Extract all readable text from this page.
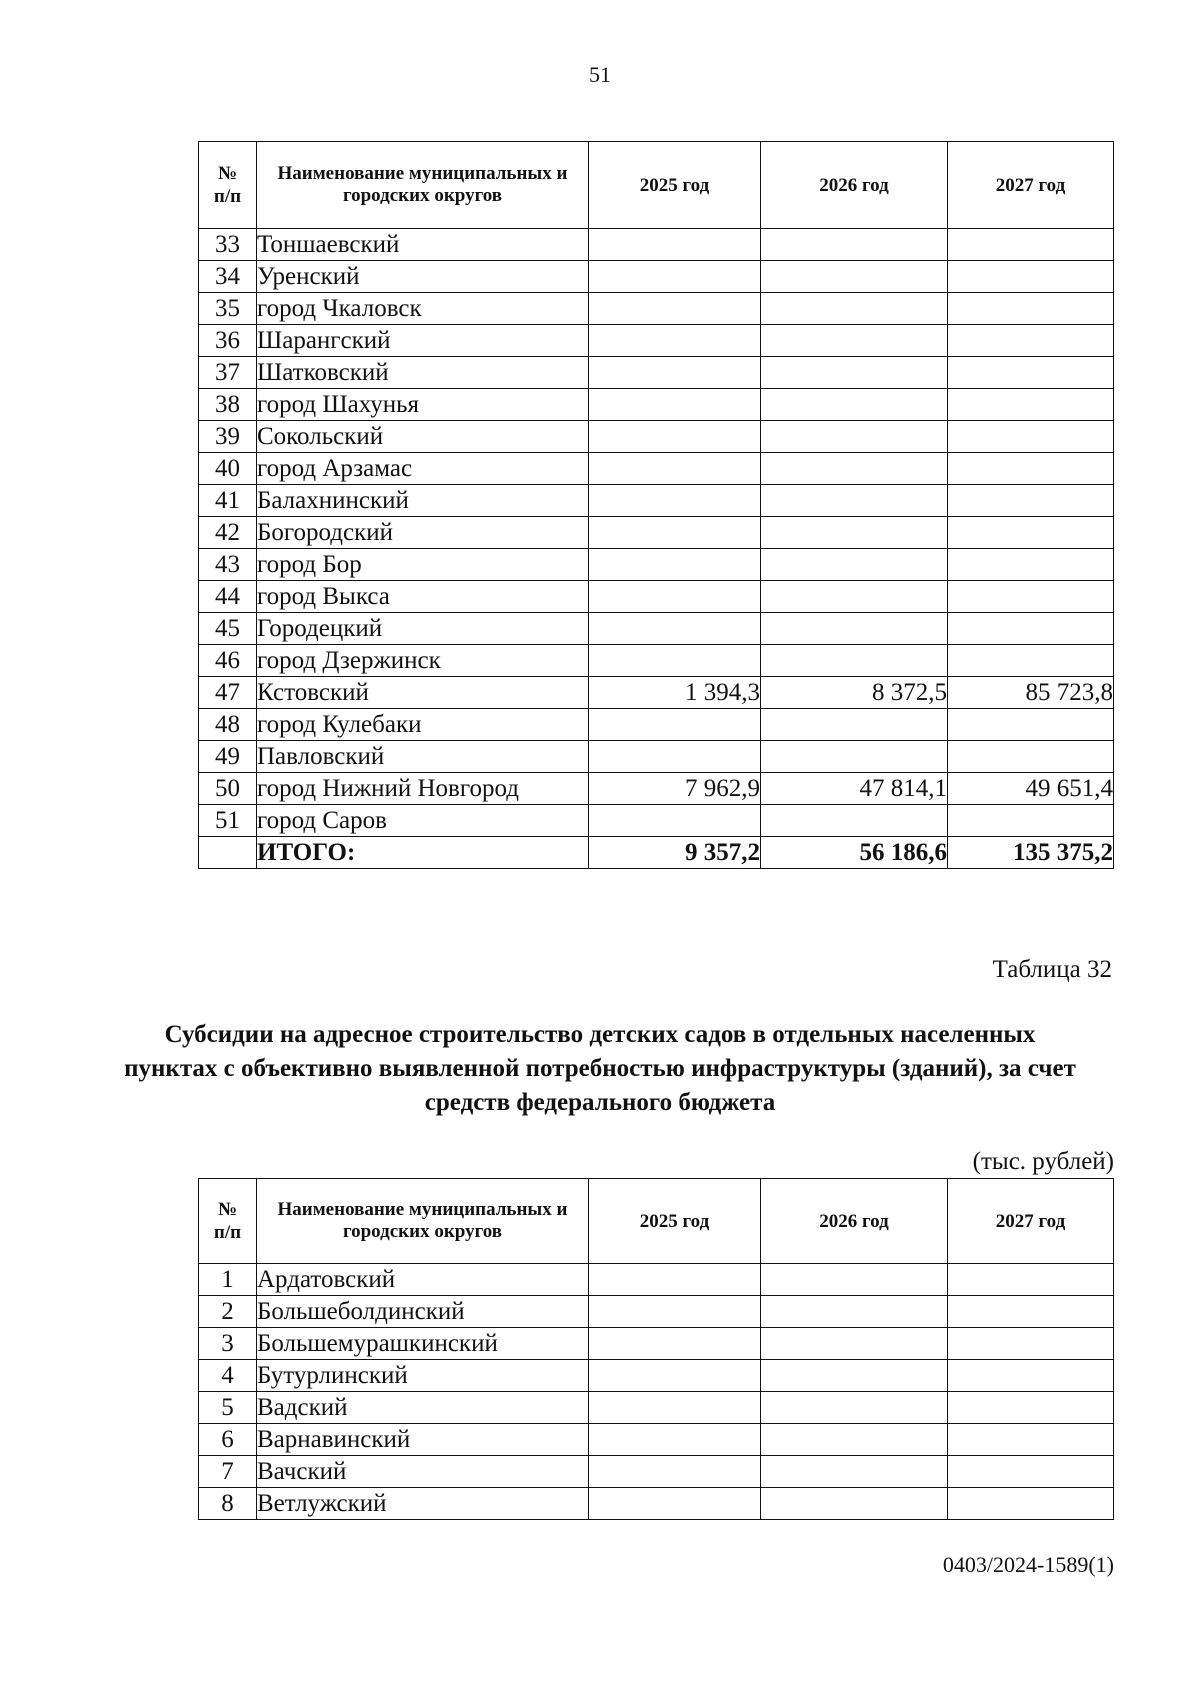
51
№
п/п	Наименование муниципальных и городских округов	2025 год	2026 год	2027 год
33	Тоншаевский			
34	Уренский			
35	город Чкаловск			
36	Шарангский			
37	Шатковский			
38	город Шахунья			
39	Сокольский			
40	город Арзамас			
41	Балахнинский			
42	Богородский			
43	город Бор			
44	город Выкса			
45	Городецкий			
46	город Дзержинск			
47	Кстовский	1 394,3	8 372,5	85 723,8
48	город Кулебаки			
49	Павловский			
50	город Нижний Новгород	7 962,9	47 814,1	49 651,4
51	город Саров			
	ИТОГО:	9 357,2	56 186,6	135 375,2
Таблица 32
Субсидии на адресное строительство детских садов в отдельных населенных пунктах с объективно выявленной потребностью инфраструктуры (зданий), за счет средств федерального бюджета
(тыс. рублей)
№
п/п	Наименование муниципальных и городских округов	2025 год	2026 год	2027 год
1	Ардатовский			
2	Большеболдинский			
3	Большемурашкинский			
4	Бутурлинский			
5	Вадский			
6	Варнавинский			
7	Вачский			
8	Ветлужский			
0403/2024-1589(1)
